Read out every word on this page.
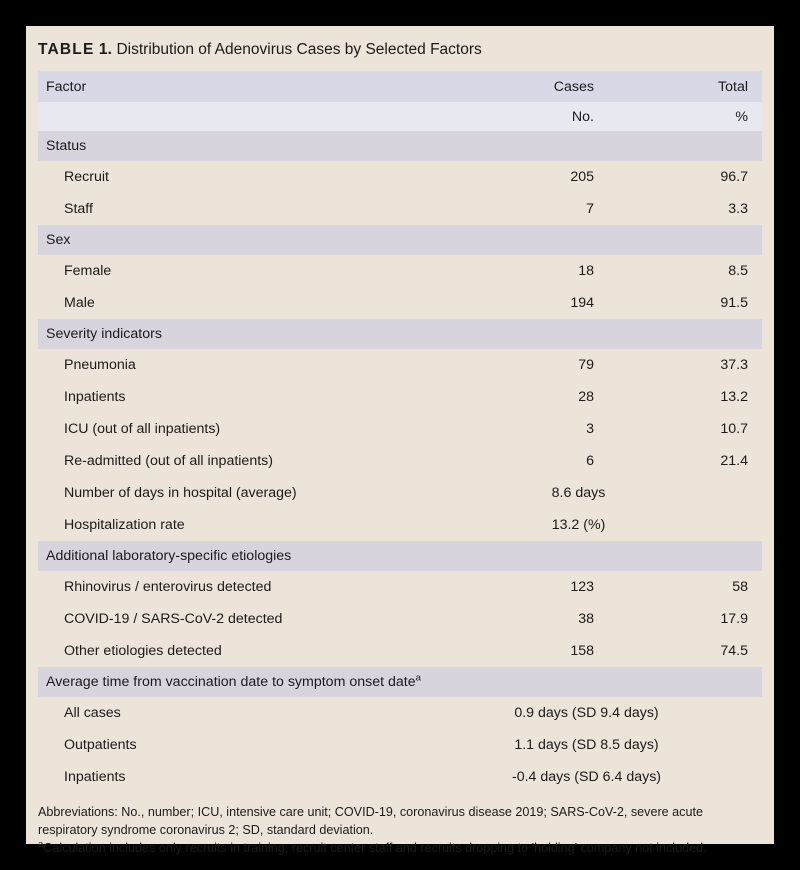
TABLE 1. Distribution of Adenovirus Cases by Selected Factors
Factor	Cases	Total
	No.	%
Status		
Recruit	205	96.7
Staff	7	3.3
Sex		
Female	18	8.5
Male	194	91.5
Severity indicators		
Pneumonia	79	37.3
Inpatients	28	13.2
ICU (out of all inpatients)	3	10.7
Re-admitted (out of all inpatients)	6	21.4
Number of days in hospital (average)	8.6 days	
Hospitalization rate	13.2 (%)	
Additional laboratory-specific etiologies		
Rhinovirus / enterovirus detected	123	58
COVID-19 / SARS-CoV-2 detected	38	17.9
Other etiologies detected	158	74.5
Average time from vaccination date to symptom onset date$^a$
All cases	0.9 days (SD 9.4 days)	
Outpatients	1.1 days (SD 8.5 days)	
Inpatients	-0.4 days (SD 6.4 days)	
Abbreviations: No., number; ICU, intensive care unit; COVID-19, coronavirus disease 2019; SARS-CoV-2, severe acute respiratory syndrome coronavirus 2; SD, standard deviation.
$^a$Calculation includes only recruits in training; recruit center staff and recruits dropping to 'holding' company not included.
